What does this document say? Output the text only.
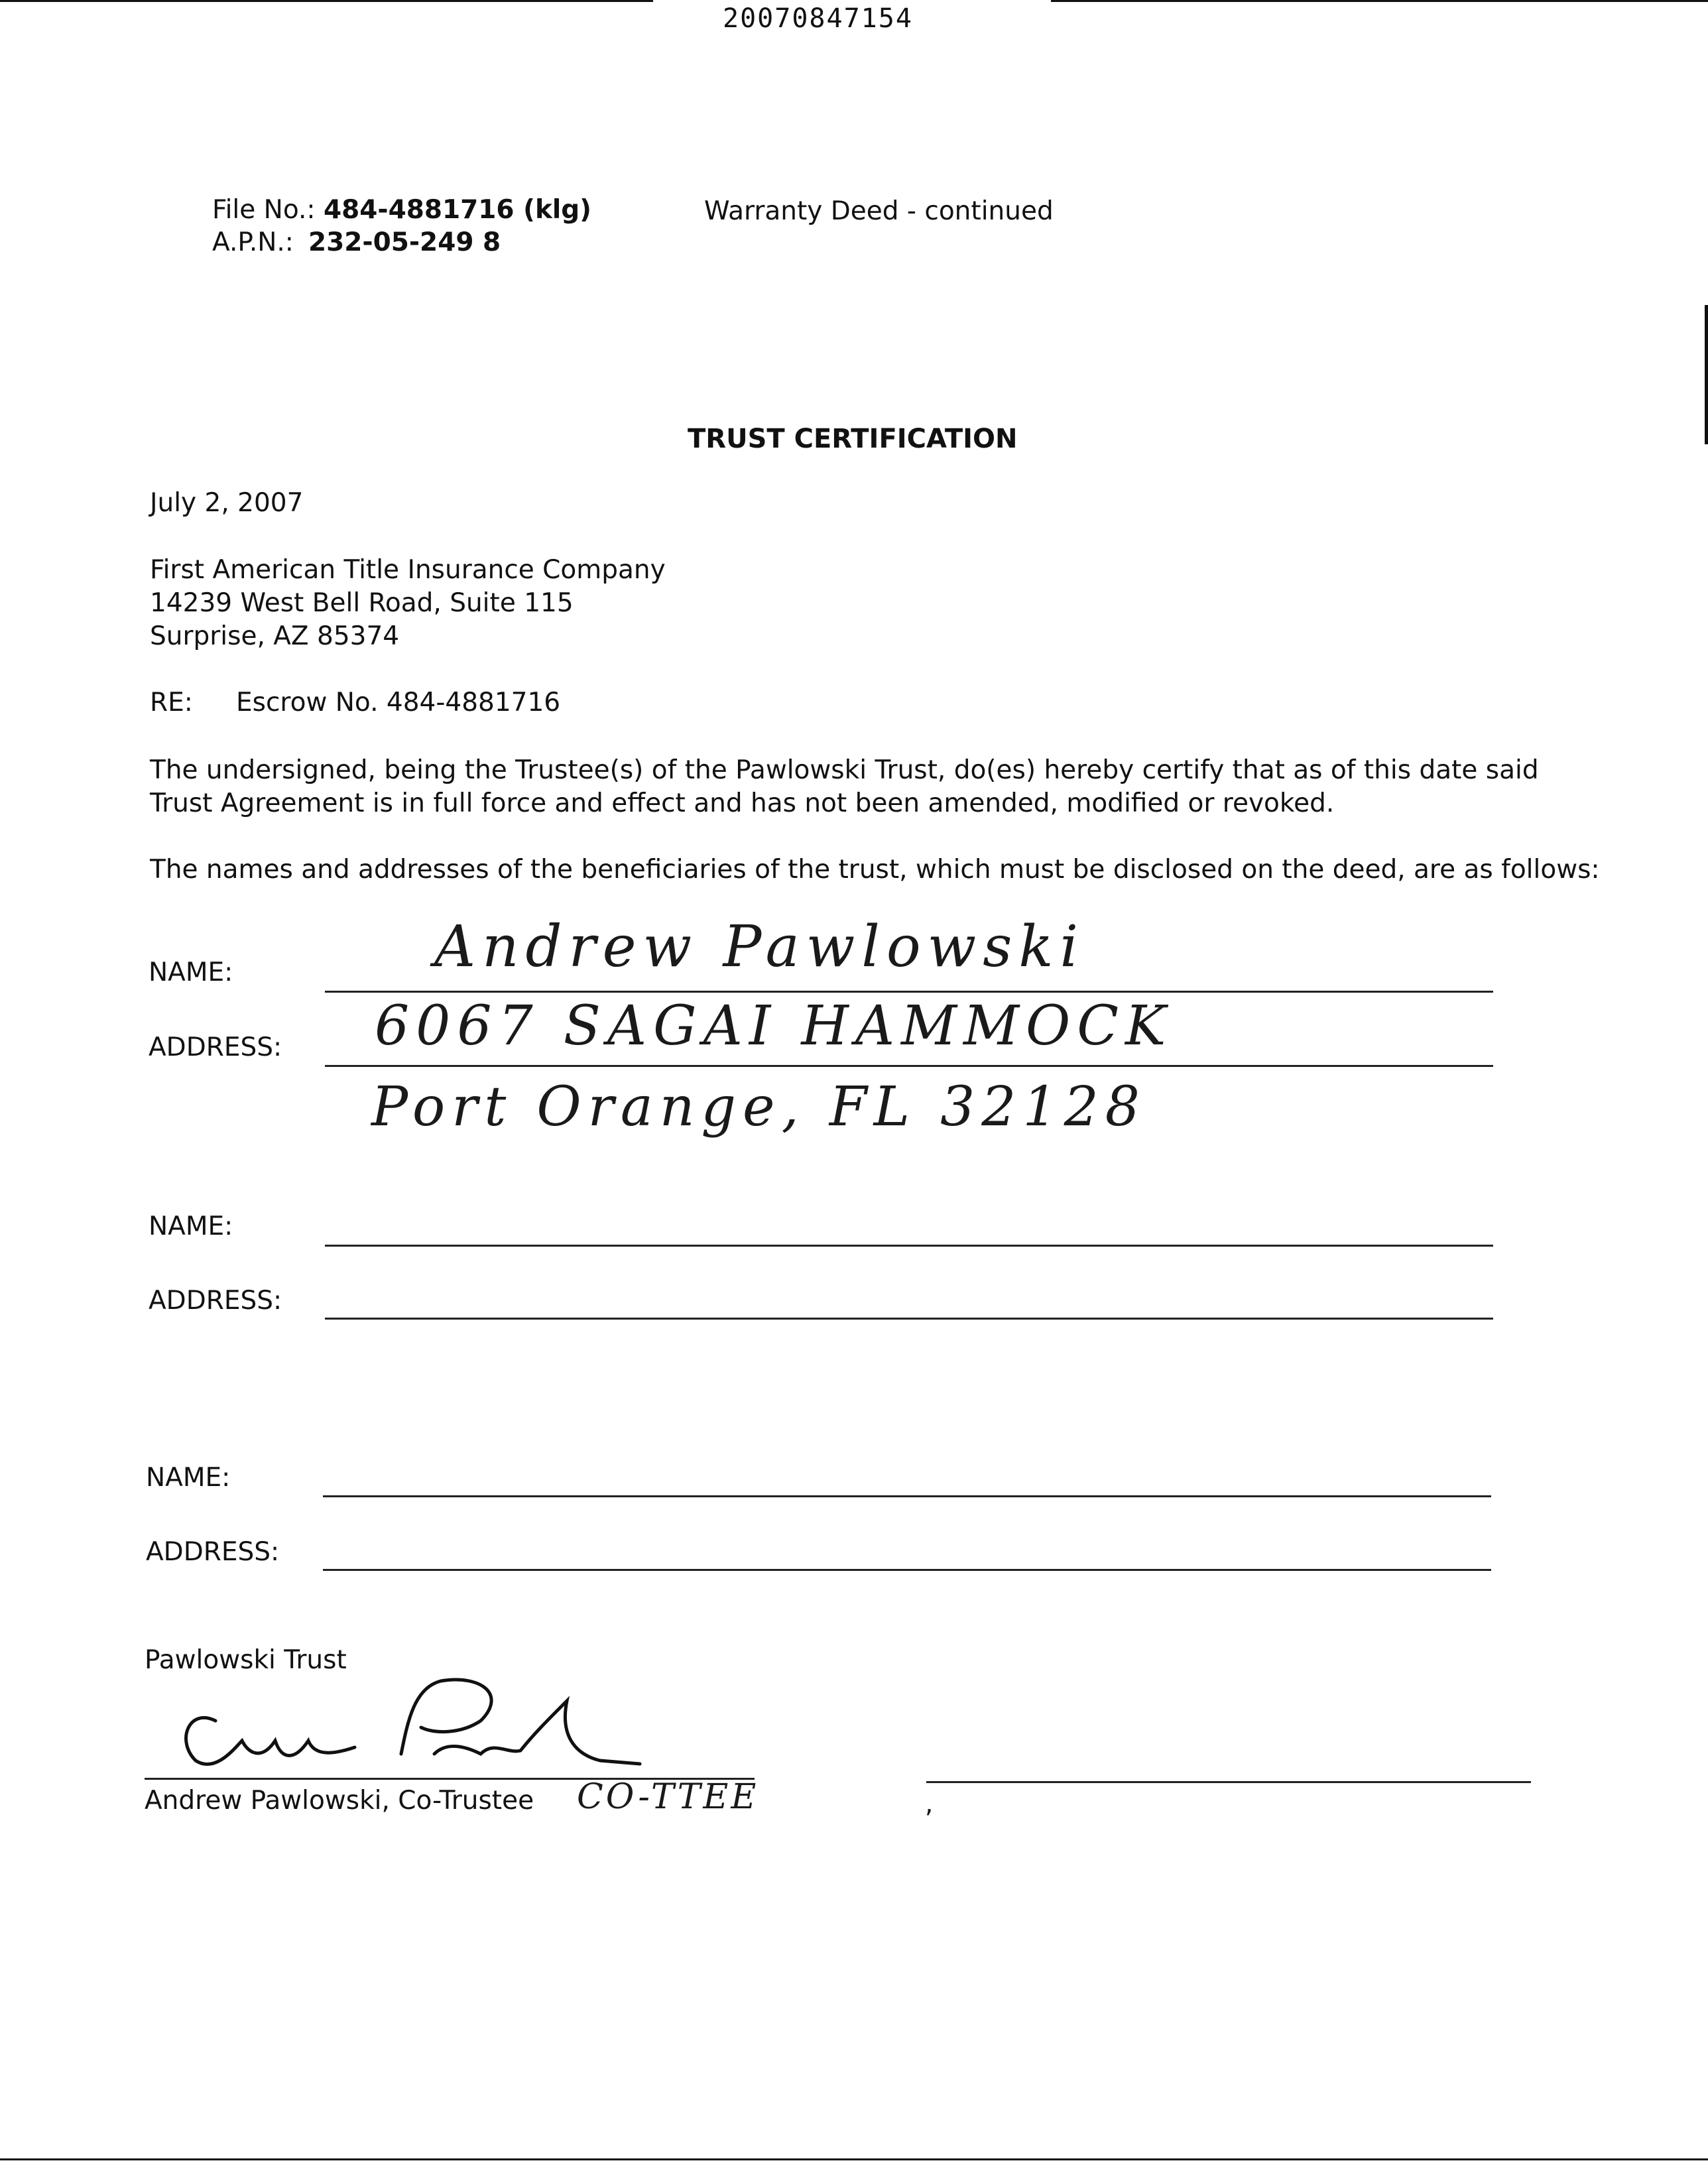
20070847154
File No.: 484-4881716 (klg)
A.P.N.: 232-05-249 8
Warranty Deed - continued
TRUST CERTIFICATION
July 2, 2007
First American Title Insurance Company
14239 West Bell Road, Suite 115
Surprise, AZ 85374
RE: Escrow No. 484-4881716
The undersigned, being the Trustee(s) of the Pawlowski Trust, do(es) hereby certify that as of this date said
Trust Agreement is in full force and effect and has not been amended, modified or revoked.
The names and addresses of the beneficiaries of the trust, which must be disclosed on the deed, are as follows:
NAME:	Andrew Pawlowski
ADDRESS: 6067 SAGAI HAMMOCK
Port Orange, FL 32128
NAME:
ADDRESS:
NAME:
ADDRESS:
Pawlowski Trust
Andrew Pawlowski, Co-Trustee CO-TTEE	,
